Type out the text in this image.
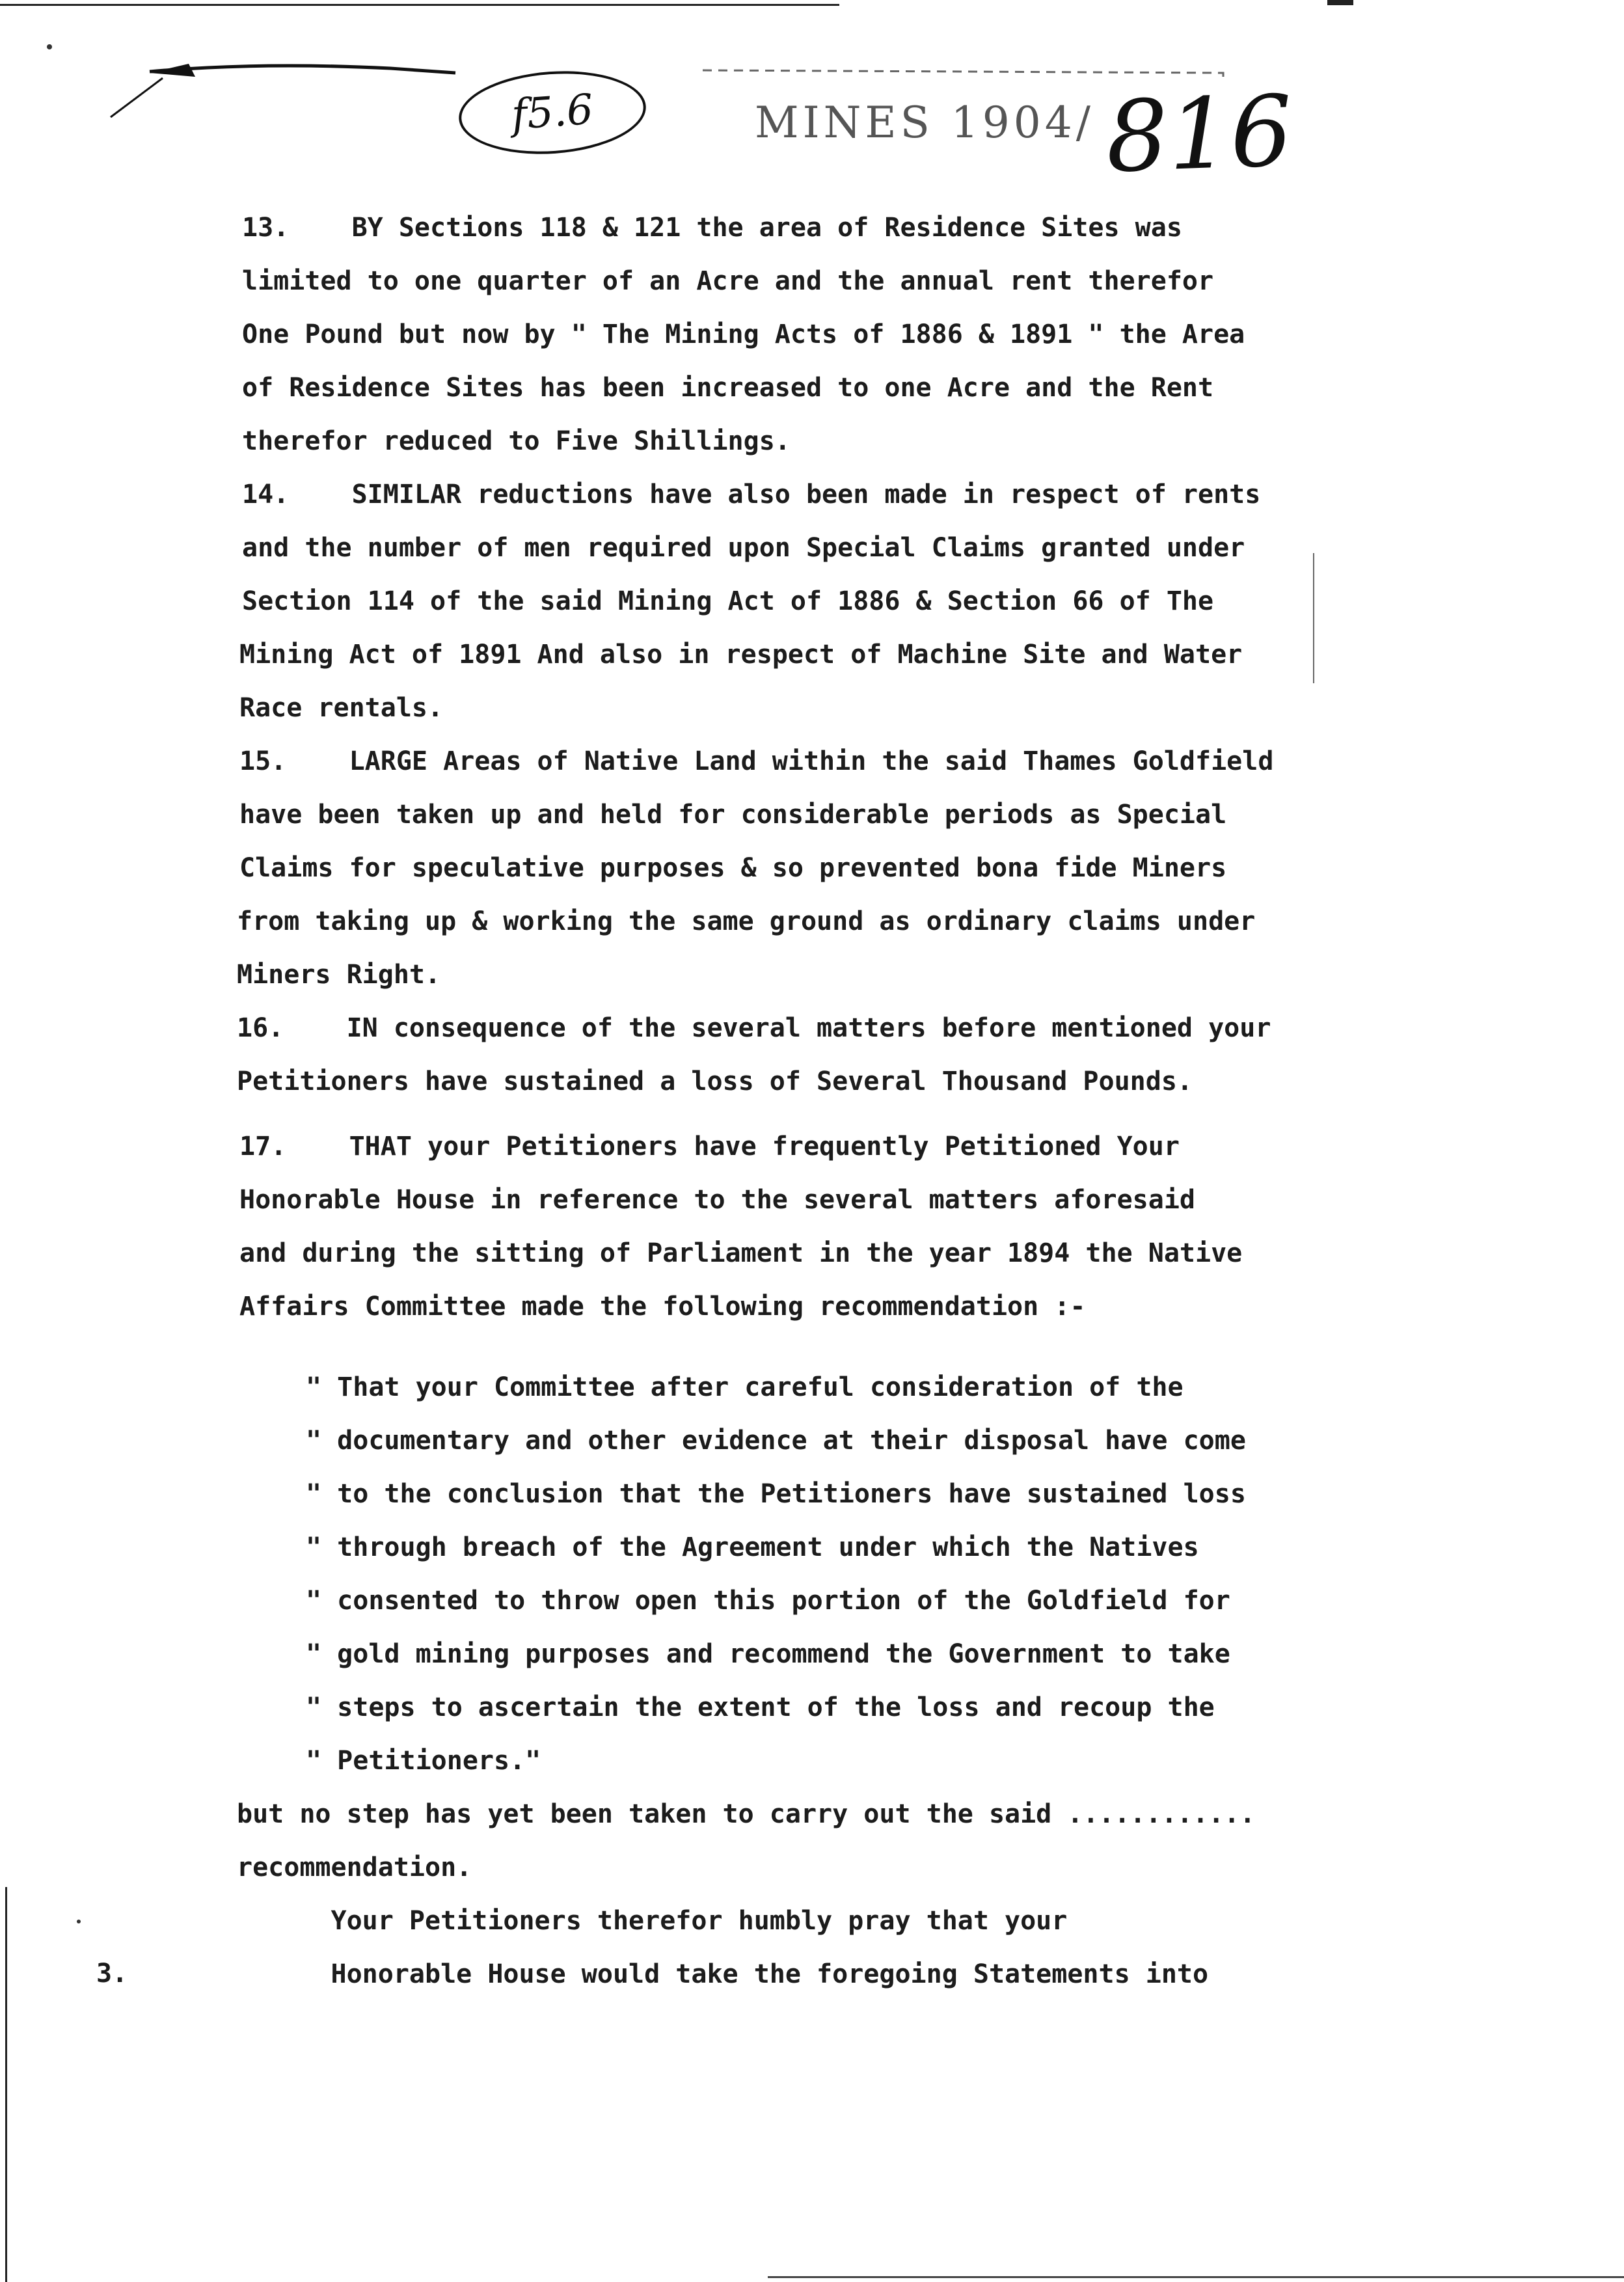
f5.6	MINES 1904/ 816
13.    BY Sections 118 & 121 the area of Residence Sites was
limited to one quarter of an Acre and the annual rent therefor
One Pound but now by " The Mining Acts of 1886 & 1891 " the Area
of Residence Sites has been increased to one Acre and the Rent
therefor reduced to Five Shillings.
14.    SIMILAR reductions have also been made in respect of rents
and the number of men required upon Special Claims granted under
Section 114 of the said Mining Act of 1886 & Section 66 of The
Mining Act of 1891 And also in respect of Machine Site and Water
Race rentals.
15.    LARGE Areas of Native Land within the said Thames Goldfield
have been taken up and held for considerable periods as Special
Claims for speculative purposes & so prevented bona fide Miners
from taking up & working the same ground as ordinary claims under
Miners Right.
16.    IN consequence of the several matters before mentioned your
Petitioners have sustained a loss of Several Thousand Pounds.
17.    THAT your Petitioners have frequently Petitioned Your
Honorable House in reference to the several matters aforesaid
and during the sitting of Parliament in the year 1894 the Native
Affairs Committee made the following recommendation :-
" That your Committee after careful consideration of the
" documentary and other evidence at their disposal have come
" to the conclusion that the Petitioners have sustained loss
" through breach of the Agreement under which the Natives
" consented to throw open this portion of the Goldfield for
" gold mining purposes and recommend the Government to take
" steps to ascertain the extent of the loss and recoup the
" Petitioners."
but no step has yet been taken to carry out the said ............
recommendation.
Your Petitioners therefor humbly pray that your
Honorable House would take the foregoing Statements into
3.
